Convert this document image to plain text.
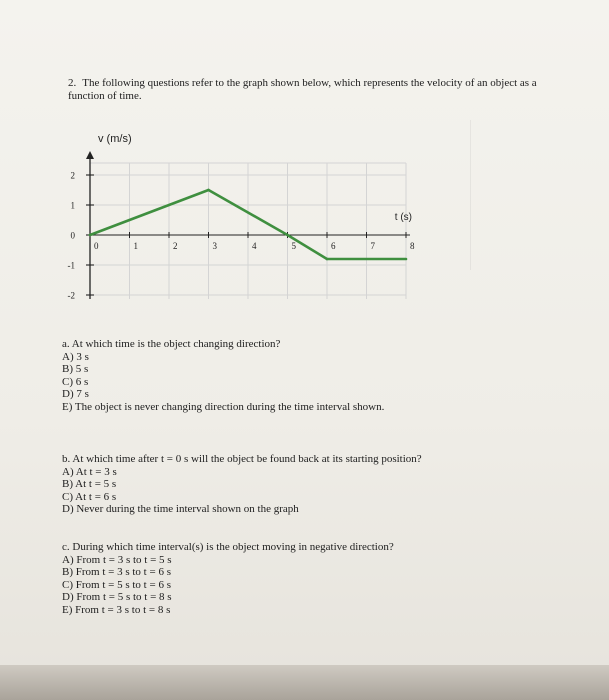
2. The following questions refer to the graph shown below, which represents the velocity of an object as a function of time.
2
1
0
-1
-2
0	1	2	3	4	5	6	7	8
v (m/s)
t (s)
a. At which time is the object changing direction?
A) 3 s
B) 5 s
C) 6 s
D) 7 s
E) The object is never changing direction during the time interval shown.
b. At which time after t = 0 s will the object be found back at its starting position?
A) At t = 3 s
B) At t = 5 s
C) At t = 6 s
D) Never during the time interval shown on the graph
c. During which time interval(s) is the object moving in negative direction?
A) From t = 3 s to t = 5 s
B) From t = 3 s to t = 6 s
C) From t = 5 s to t = 6 s
D) From t = 5 s to t = 8 s
E) From t = 3 s to t = 8 s
